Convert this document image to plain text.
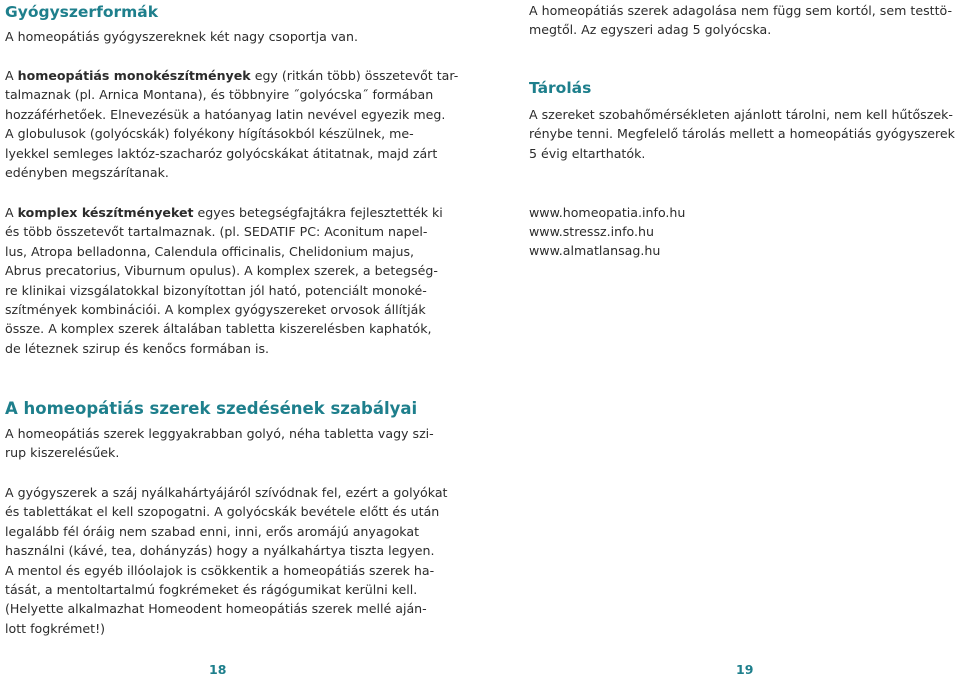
Gyógyszerformák

A homeopátiás gyógyszereknek két nagy csoportja van.

A homeopátiás monokészítmények egy (ritkán több) összetevőt tar-
talmaznak (pl. Arnica Montana), és többnyire ˝golyócska˝ formában
hozzáférhetőek. Elnevezésük a hatóanyag latin nevével egyezik meg.
A globulusok (golyócskák) folyékony hígításokból készülnek, me-
lyekkel semleges laktóz-szacharóz golyócskákat átitatnak, majd zárt
edényben megszárítanak.

A komplex készítményeket egyes betegségfajtákra fejlesztették ki
és több összetevőt tartalmaznak. (pl. SEDATIF PC: Aconitum napel-
lus, Atropa belladonna, Calendula officinalis, Chelidonium majus,
Abrus precatorius, Viburnum opulus). A komplex szerek, a betegség-
re klinikai vizsgálatokkal bizonyítottan jól ható, potenciált monoké-
szítmények kombinációi. A komplex gyógyszereket orvosok állítják
össze. A komplex szerek általában tabletta kiszerelésben kaphatók,
de léteznek szirup és kenőcs formában is.

A homeopátiás szerek szedésének szabályai

A homeopátiás szerek leggyakrabban golyó, néha tabletta vagy szi-
rup kiszerelésűek.

A gyógyszerek a száj nyálkahártyájáról szívódnak fel, ezért a golyókat
és tablettákat el kell szopogatni. A golyócskák bevétele előtt és után
legalább fél óráig nem szabad enni, inni, erős aromájú anyagokat
használni (kávé, tea, dohányzás) hogy a nyálkahártya tiszta legyen.
A mentol és egyéb illóolajok is csökkentik a homeopátiás szerek ha-
tását, a mentoltartalmú fogkrémeket és rágógumikat kerülni kell.
(Helyette alkalmazhat Homeodent homeopátiás szerek mellé aján-
lott fogkrémet!)

18

A homeopátiás szerek adagolása nem függ sem kortól, sem testtö-
megtől. Az egyszeri adag 5 golyócska.

Tárolás

A szereket szobahőmérsékleten ajánlott tárolni, nem kell hűtőszek-
rénybe tenni. Megfelelő tárolás mellett a homeopátiás gyógyszerek
5 évig eltarthatók.

www.homeopatia.info.hu
www.stressz.info.hu
www.almatlansag.hu
19
